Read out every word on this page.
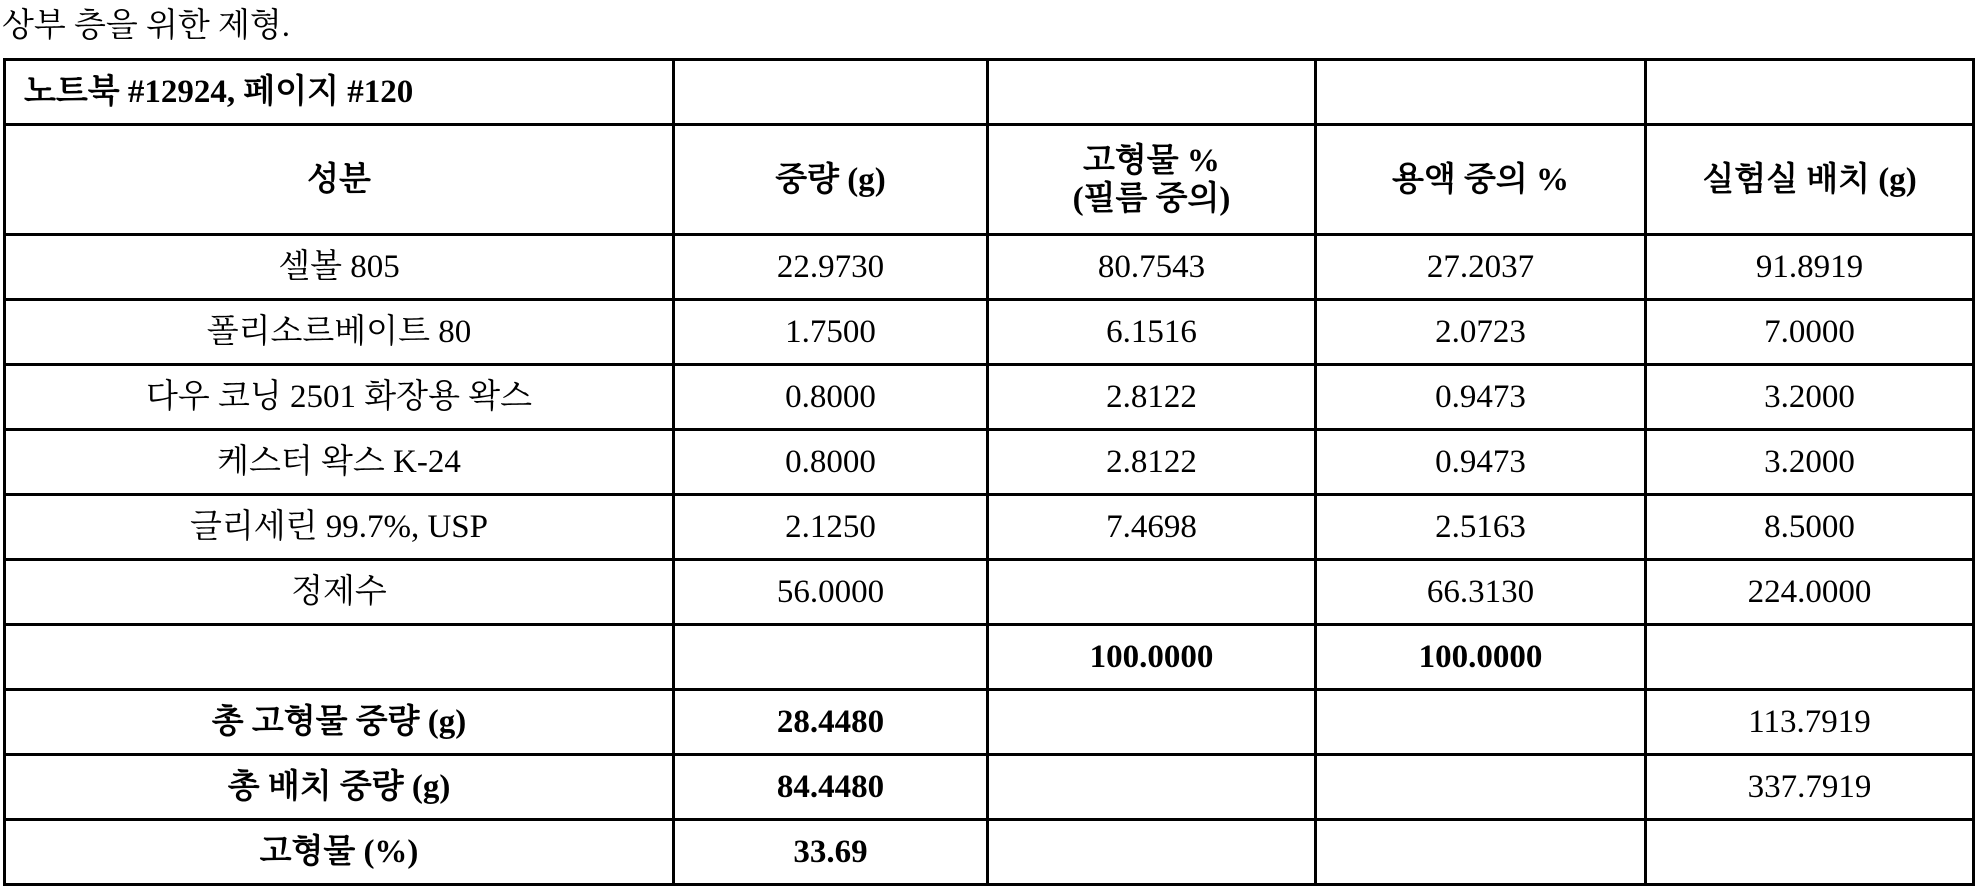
상부 층을 위한 제형.
노트북 #12924, 페이지 #120				
성분	중량 (g)	고형물 %
(필름 중의)	용액 중의 %	실험실 배치 (g)
셀볼 805	22.9730	80.7543	27.2037	91.8919
폴리소르베이트 80	1.7500	6.1516	2.0723	7.0000
다우 코닝 2501 화장용 왁스	0.8000	2.8122	0.9473	3.2000
케스터 왁스 K-24	0.8000	2.8122	0.9473	3.2000
글리세린 99.7%, USP	2.1250	7.4698	2.5163	8.5000
정제수	56.0000		66.3130	224.0000
		100.0000	100.0000	
총 고형물 중량 (g)	28.4480			113.7919
총 배치 중량 (g)	84.4480			337.7919
고형물 (%)	33.69			
